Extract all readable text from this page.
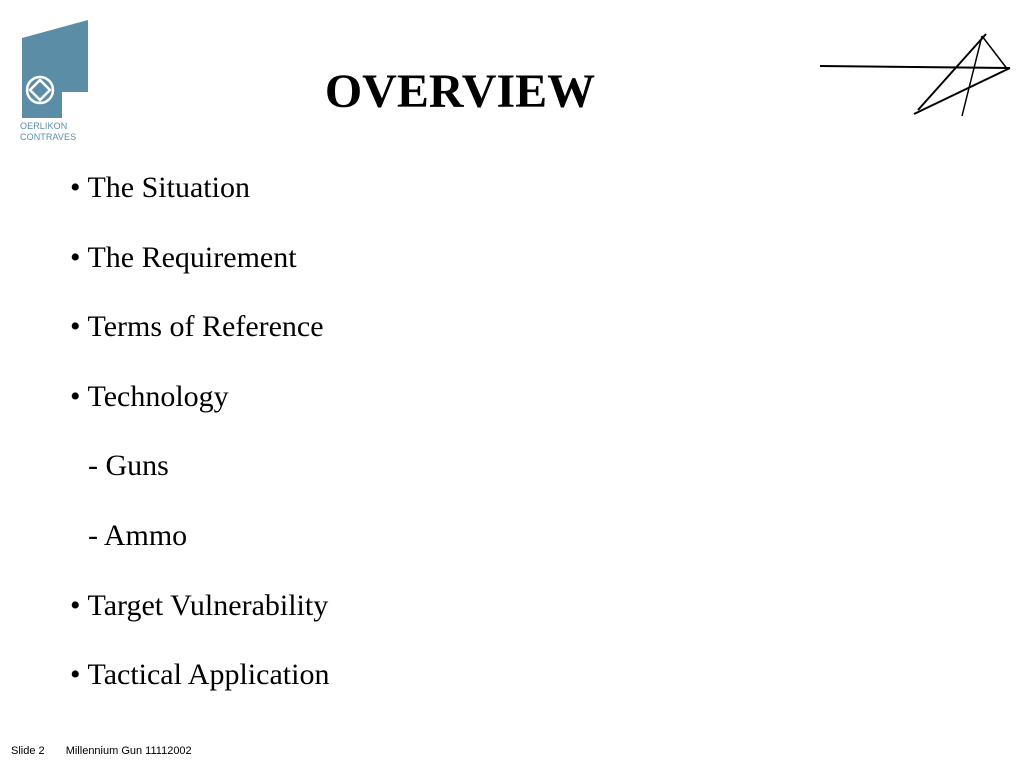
OERLIKON
CONTRAVES
OVERVIEW
• The Situation
• The Requirement
• Terms of Reference
• Technology
- Guns
- Ammo
• Target Vulnerability
• Tactical Application
Slide 2 Millennium Gun 11112002
